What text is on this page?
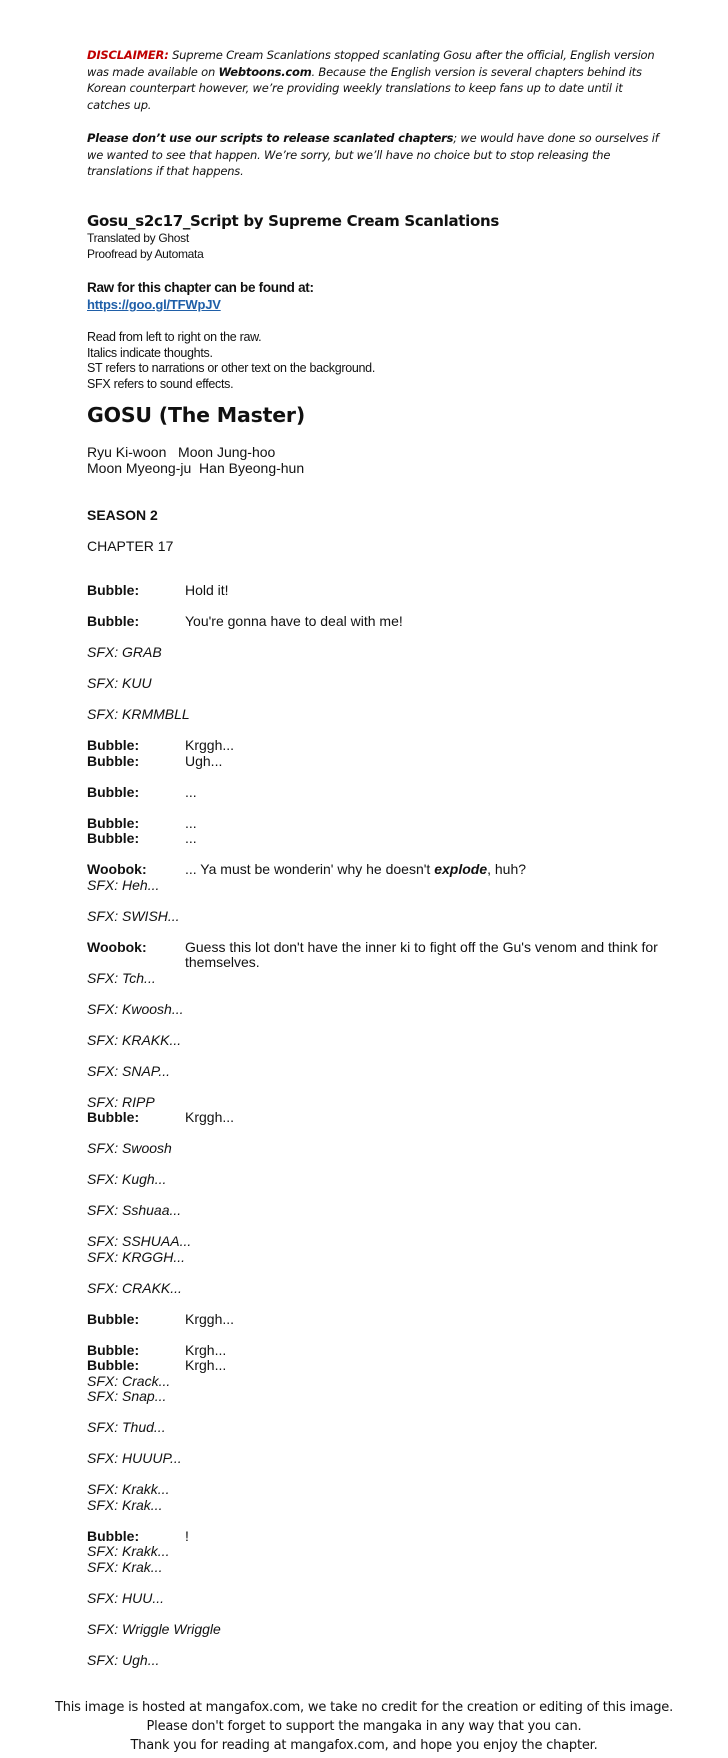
DISCLAIMER: Supreme Cream Scanlations stopped scanlating Gosu after the official, English version was made available on Webtoons.com. Because the English version is several chapters behind its Korean counterpart however, we’re providing weekly translations to keep fans up to date until it catches up.

Please don’t use our scripts to release scanlated chapters; we would have done so ourselves if we wanted to see that happen. We’re sorry, but we’ll have no choice but to stop releasing the translations if that happens.

Gosu_s2c17_Script by Supreme Cream Scanlations

Translated by Ghost

Proofread by Automata

Raw for this chapter can be found at:

https://goo.gl/TFWpJV

Read from left to right on the raw.

Italics indicate thoughts.

ST refers to narrations or other text on the background.

SFX refers to sound effects.

GOSU (The Master)

Ryu Ki-woon   Moon Jung-hoo
Moon Myeong-ju  Han Byeong-hun
SEASON 2
CHAPTER 17
Bubble:	Hold it!
Bubble:	You're gonna have to deal with me!
SFX: GRAB
SFX: KUU
SFX: KRMMBLL
Bubble:	Krggh...
Bubble:	Ugh...
Bubble:	...
Bubble:	...
Bubble:	...
Woobok:	... Ya must be wonderin' why he doesn't explode, huh?
SFX: Heh...
SFX: SWISH...
Woobok:	Guess this lot don't have the inner ki to fight off the Gu's venom and think for themselves.
SFX: Tch...
SFX: Kwoosh...
SFX: KRAKK...
SFX: SNAP...
SFX: RIPP
Bubble:	Krggh...
SFX: Swoosh
SFX: Kugh...
SFX: Sshuaa...
SFX: SSHUAA...
SFX: KRGGH...
SFX: CRAKK...
Bubble:	Krggh...
Bubble:	Krgh...
Bubble:	Krgh...
SFX: Crack...
SFX: Snap...
SFX: Thud...
SFX: HUUUP...
SFX: Krakk...
SFX: Krak...
Bubble:	!
SFX: Krakk...
SFX: Krak...
SFX: HUU...
SFX: Wriggle Wriggle
SFX: Ugh...

This image is hosted at mangafox.com, we take no credit for the creation or editing of this image.

Please don't forget to support the mangaka in any way that you can.

Thank you for reading at mangafox.com, and hope you enjoy the chapter.
